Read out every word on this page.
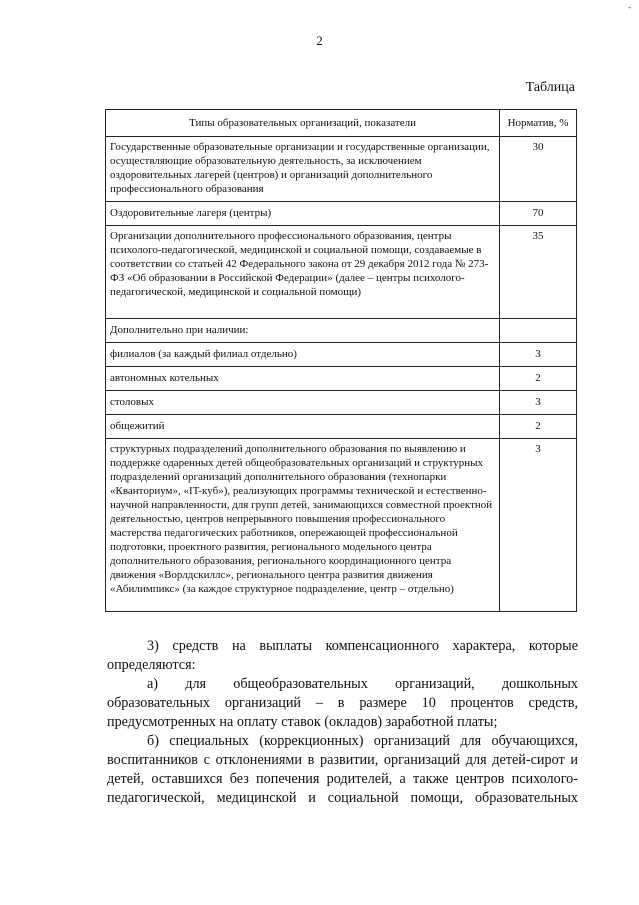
-
2
Таблица
Типы образовательных организаций, показатели	Норматив, %
Государственные образовательные организации и государственные организации, осуществляющие образовательную деятельность, за исключением оздоровительных лагерей (центров) и организаций дополнительного профессионального образования	30
Оздоровительные лагеря (центры)	70
Организации дополнительного профессионального образования, центры психолого-педагогической, медицинской и социальной помощи, создаваемые в соответствии со статьей 42 Федерального закона от 29 декабря 2012 года № 273-ФЗ «Об образовании в Российской Федерации» (далее – центры психолого-педагогической, медицинской и социальной помощи)	35
Дополнительно при наличии:	
филиалов (за каждый филиал отдельно)	3
автономных котельных	2
столовых	3
общежитий	2
структурных подразделений дополнительного образования по выявлению и поддержке одаренных детей общеобразовательных организаций и структурных подразделений организаций дополнительного образования (технопарки «Кванториум», «IT-куб»), реализующих программы технической и естественно-научной направленности, для групп детей, занимающихся совместной проектной деятельностью, центров непрерывного повышения профессионального мастерства педагогических работников, опережающей профессиональной подготовки, проектного развития, регионального модельного центра дополнительного образования, регионального координационного центра движения «Ворлдскиллс», регионального центра развития движения «Абилимпикс» (за каждое структурное подразделение, центр – отдельно)	3

3) средств на выплаты компенсационного характера, которые

определяются:

а) для общеобразовательных организаций, дошкольных образовательных организаций – в размере 10 процентов средств, предусмотренных на оплату ставок (окладов) заработной платы;

б) специальных (коррекционных) организаций для обучающихся, воспитанников с отклонениями в развитии, организаций для детей-сирот и детей, оставшихся без попечения родителей, а также центров психолого-педагогической, медицинской и социальной помощи, образовательных
